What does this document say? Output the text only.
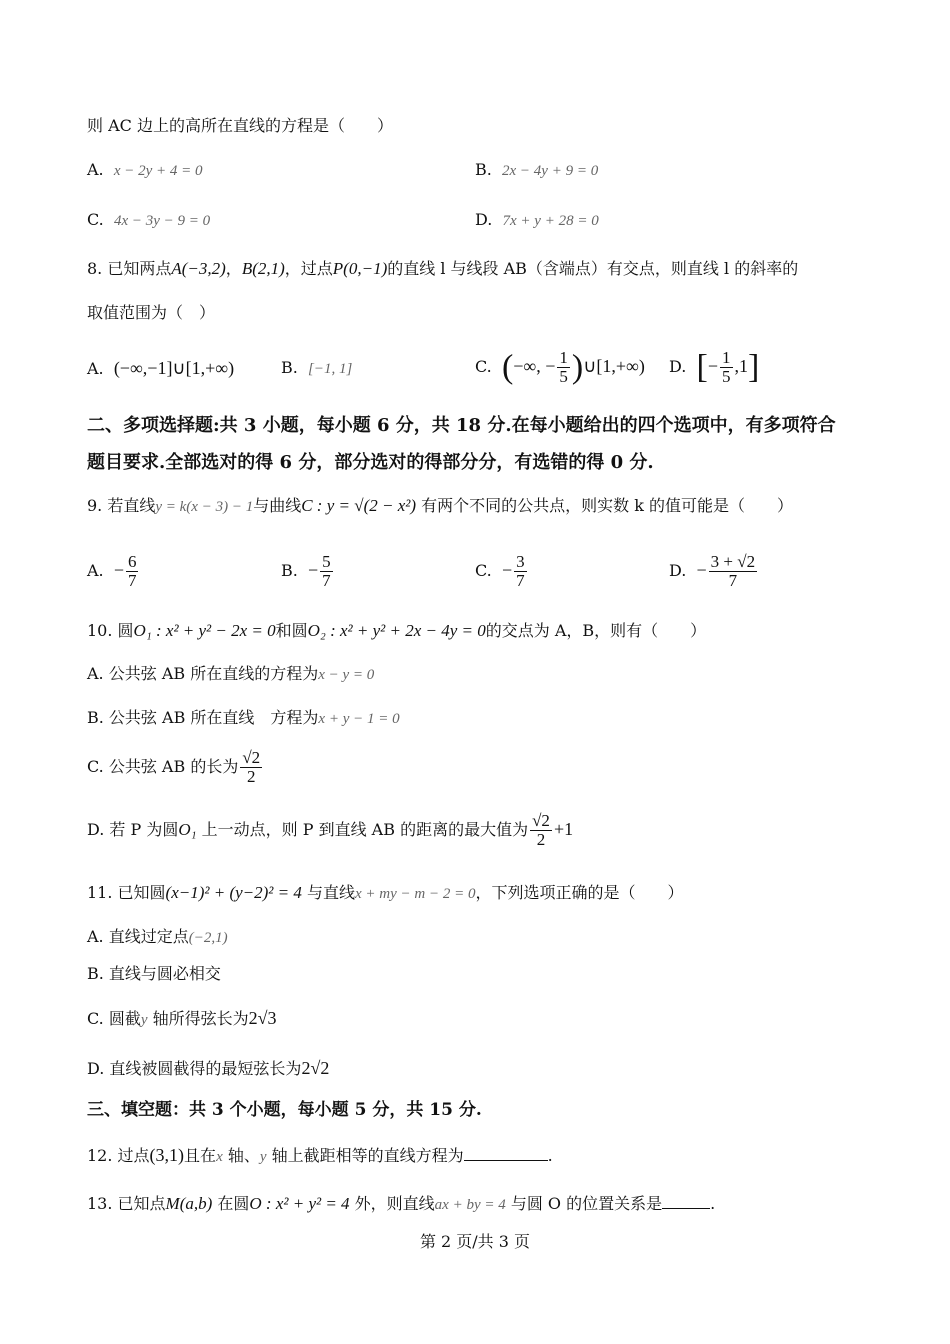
则 AC 边上的高所在直线的方程是（　　）
A. x − 2y + 4 = 0	B. 2x − 4y + 9 = 0
C. 4x − 3y − 9 = 0	D. 7x + y + 28 = 0
8. 已知两点A(−3,2)，B(2,1)，过点P(0,−1)的直线 l 与线段 AB（含端点）有交点，则直线 l 的斜率的
取值范围为（　）
A. (−∞,−1]∪[1,+∞)	B. [−1, 1]	C. (−∞, − $\frac{1}{5}$ )∪[1,+∞) D. [− $\frac{1}{5} ,1$]
二、多项选择题:共 3 小题，每小题 6 分，共 18 分.在每小题给出的四个选项中，有多项符合
题目要求.全部选对的得 6 分，部分选对的得部分分，有选错的得 0 分.
9. 若直线y = k(x − 3) − 1与曲线C : y = √(2 − x²) 有两个不同的公共点，则实数 k 的值可能是（　　）
A. − $\frac{6}{7}$	B. − $\frac{5}{7}$	C. − $\frac{3}{7}$	D. − $\frac{3 + √2}{7}$
10. 圆O₁ : x² + y² − 2x = 0和圆O₂ : x² + y² + 2x − 4y = 0的交点为 A，B，则有（　　）
A. 公共弦 AB 所在直线的方程为x − y = 0
B. 公共弦 AB 所在直线　方程为x + y − 1 = 0
C. 公共弦 AB 的长为 $\frac{√2}{2}$
D. 若 P 为圆O₁ 上一动点，则 P 到直线 AB 的距离的最大值为 $\frac{√2}{2} +1$
11. 已知圆(x−1)² + (y−2)² = 4 与直线x + my − m − 2 = 0，下列选项正确的是（　　）
A. 直线过定点(−2,1)
B. 直线与圆必相交
C. 圆截y 轴所得弦长为2√3
D. 直线被圆截得的最短弦长为2√2
三、填空题：共 3 个小题，每小题 5 分，共 15 分.
12. 过点(3,1)且在x 轴、y 轴上截距相等的直线方程为	.
13. 已知点M(a,b) 在圆O : x² + y² = 4 外，则直线ax + by = 4 与圆 O 的位置关系是	.
第 2 页/共 3 页
